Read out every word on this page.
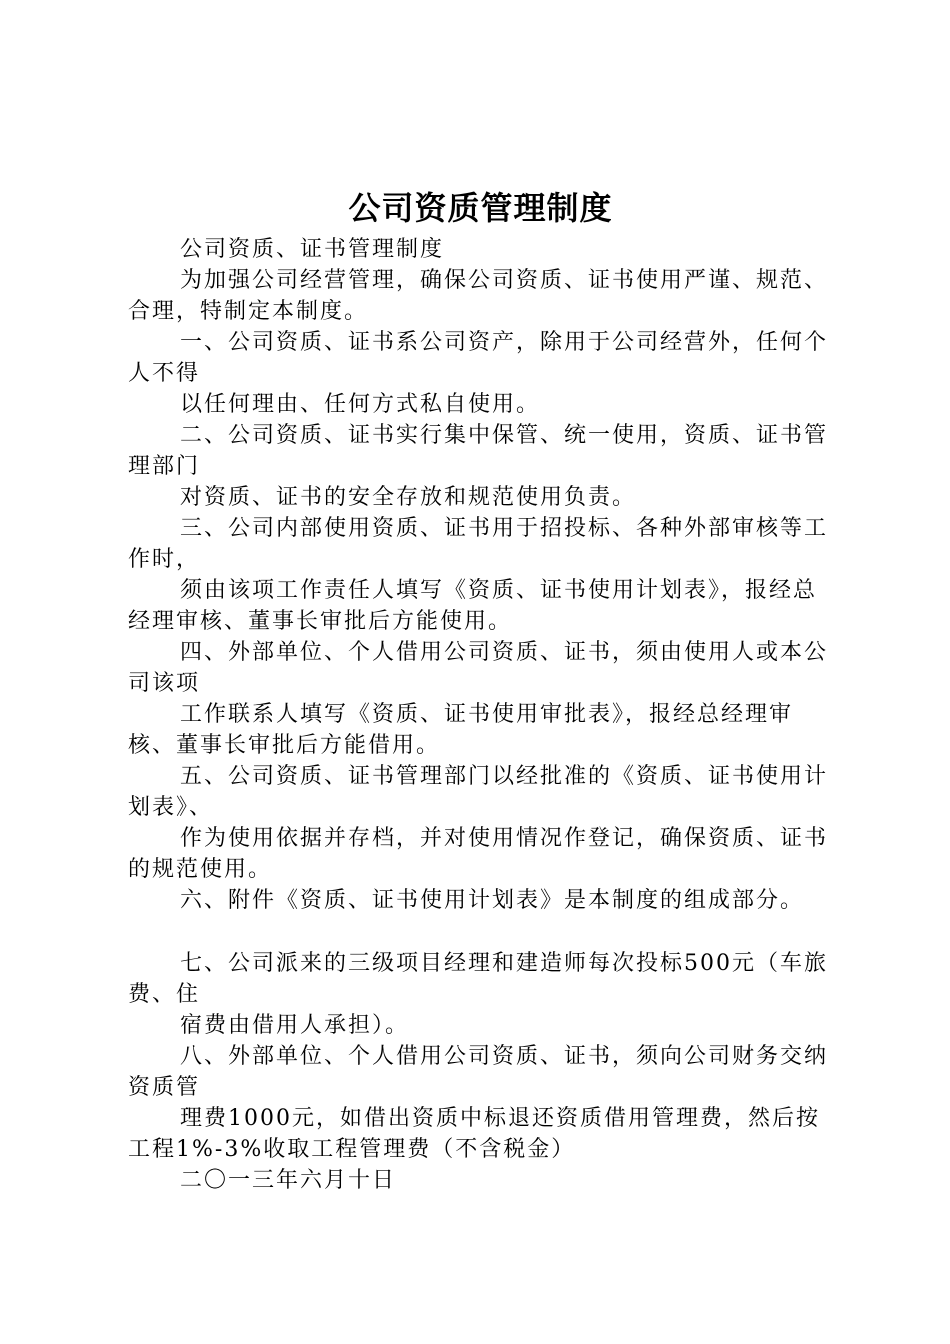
公司资质管理制度

公司资质、证书管理制度

为加强公司经营管理，确保公司资质、证书使用严谨、规范、合理，特制定本制度。

一、公司资质、证书系公司资产，除用于公司经营外，任何个人不得

以任何理由、任何方式私自使用。

二、公司资质、证书实行集中保管、统一使用，资质、证书管理部门

对资质、证书的安全存放和规范使用负责。

三、公司内部使用资质、证书用于招投标、各种外部审核等工作时，

须由该项工作责任人填写《资质、证书使用计划表》，报经总经理审核、董事长审批后方能使用。

四、外部单位、个人借用公司资质、证书，须由使用人或本公司该项

工作联系人填写《资质、证书使用审批表》，报经总经理审核、董事长审批后方能借用。

五、公司资质、证书管理部门以经批准的《资质、证书使用计划表》、

作为使用依据并存档，并对使用情况作登记，确保资质、证书的规范使用。

六、附件《资质、证书使用计划表》是本制度的组成部分。

七、公司派来的三级项目经理和建造师每次投标500元（车旅费、住

宿费由借用人承担）。

八、外部单位、个人借用公司资质、证书，须向公司财务交纳资质管

理费1000元，如借出资质中标退还资质借用管理费，然后按工程1%-3%收取工程管理费（不含税金）

二〇一三年六月十日
